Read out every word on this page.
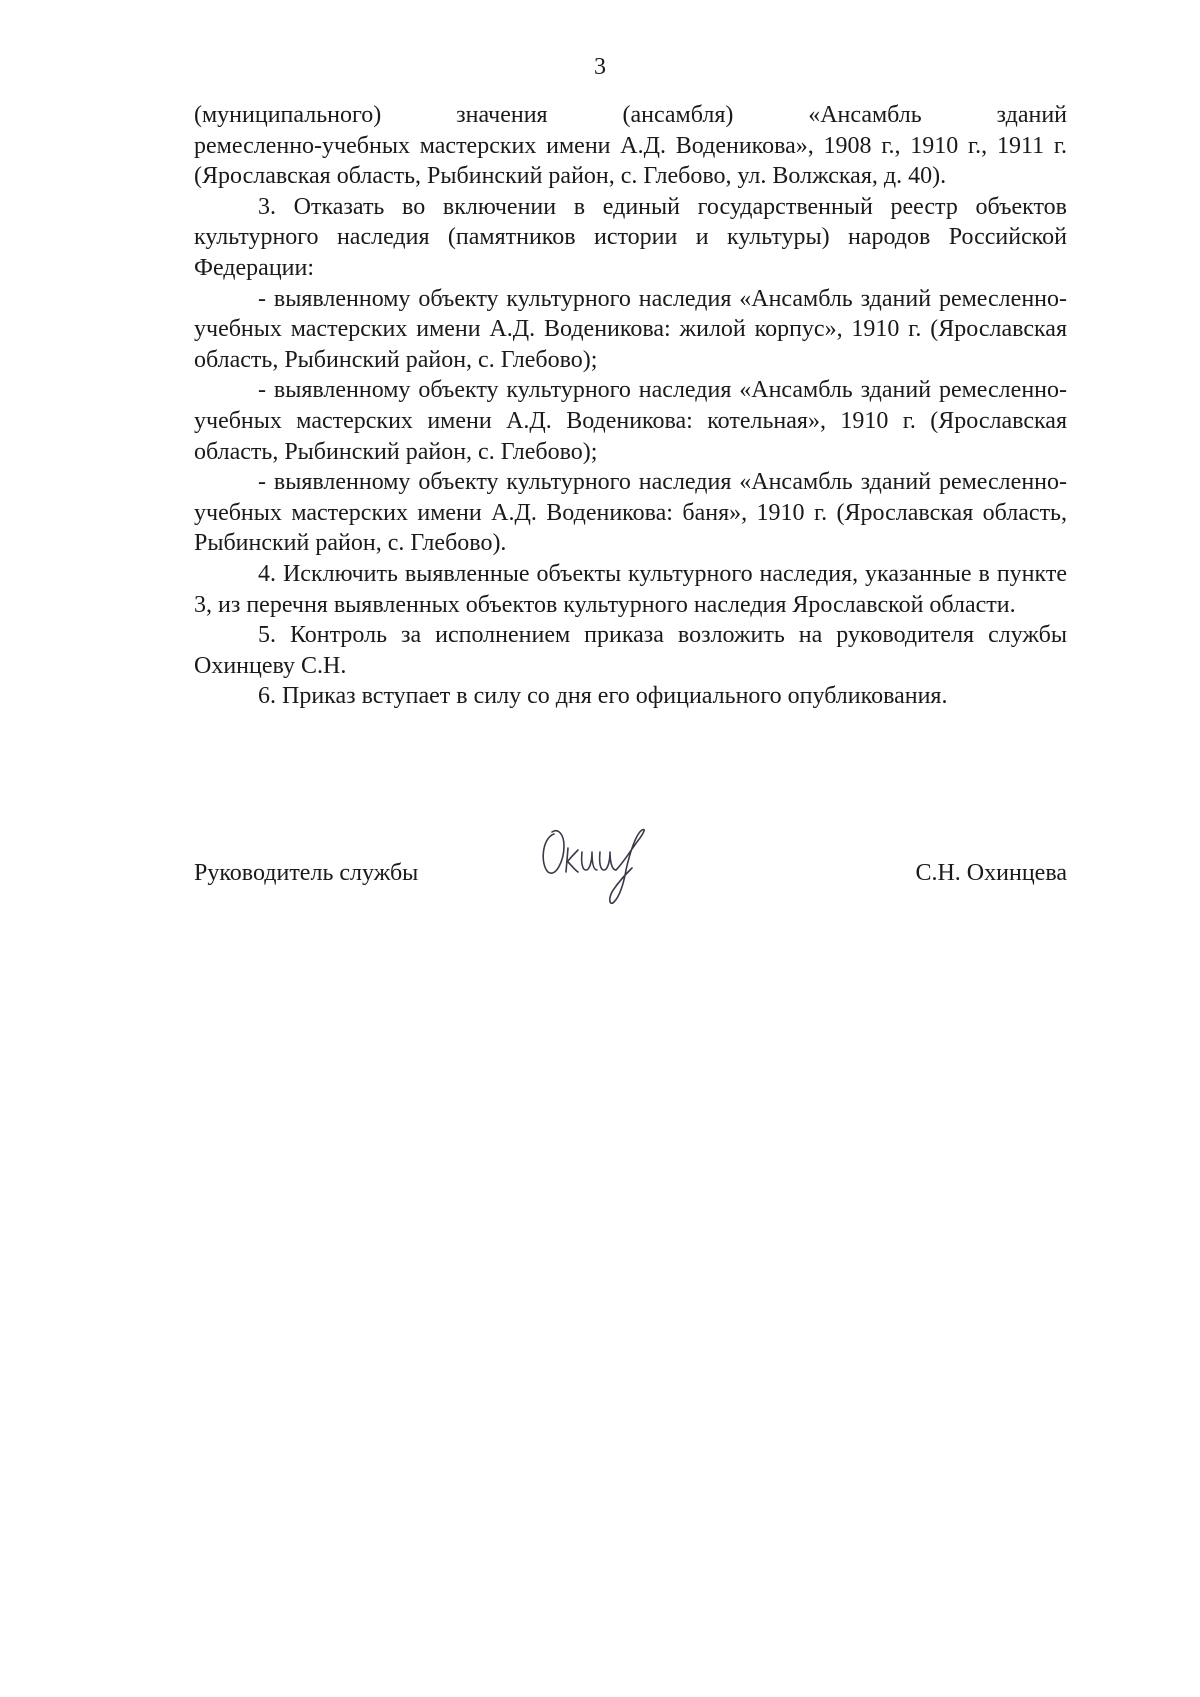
3

(муниципального) значения (ансамбля) «Ансамбль зданий
ремесленно-учебных мастерских имени А.Д. Воденикова», 1908 г., 1910 г., 1911 г. (Ярославская область, Рыбинский район, с. Глебово, ул. Волжская, д. 40).

3. Отказать во включении в единый государственный реестр объектов культурного наследия (памятников истории и культуры) народов Российской Федерации:

- выявленному объекту культурного наследия «Ансамбль зданий ремесленно-учебных мастерских имени А.Д. Воденикова: жилой корпус», 1910 г. (Ярославская область, Рыбинский район, с. Глебово);

- выявленному объекту культурного наследия «Ансамбль зданий ремесленно-учебных мастерских имени А.Д. Воденикова: котельная», 1910 г. (Ярославская область, Рыбинский район, с. Глебово);

- выявленному объекту культурного наследия «Ансамбль зданий ремесленно-учебных мастерских имени А.Д. Воденикова: баня», 1910 г. (Ярославская область, Рыбинский район, с. Глебово).

4. Исключить выявленные объекты культурного наследия, указанные в пункте 3, из перечня выявленных объектов культурного наследия Ярославской области.

5. Контроль за исполнением приказа возложить на руководителя службы Охинцеву С.Н.

6. Приказ вступает в силу со дня его официального опубликования.

Руководитель службы	С.Н. Охинцева
